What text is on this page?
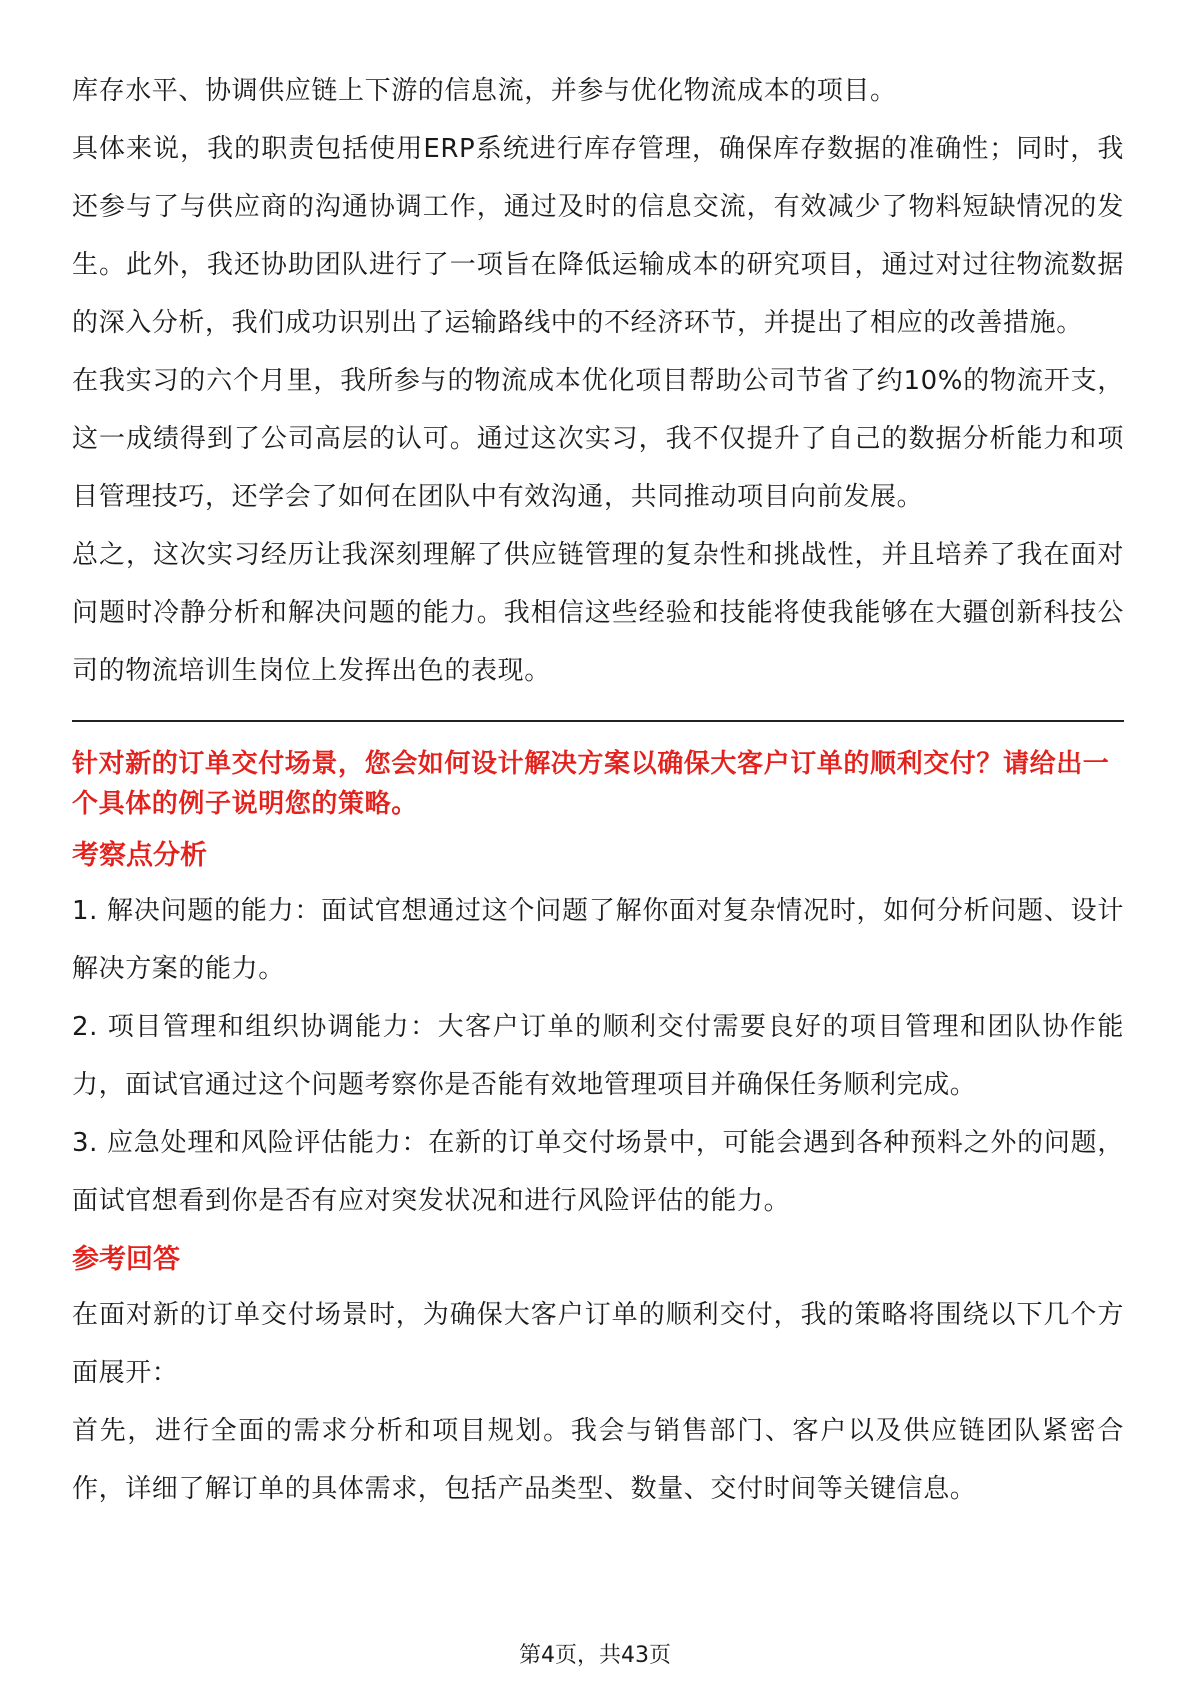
库存水平、协调供应链上下游的信息流，并参与优化物流成本的项目。

具体来说，我的职责包括使用ERP系统进行库存管理，确保库存数据的准确性；同时，我还参与了与供应商的沟通协调工作，通过及时的信息交流，有效减少了物料短缺情况的发生。此外，我还协助团队进行了一项旨在降低运输成本的研究项目，通过对过往物流数据的深入分析，我们成功识别出了运输路线中的不经济环节，并提出了相应的改善措施。

在我实习的六个月里，我所参与的物流成本优化项目帮助公司节省了约10%的物流开支，这一成绩得到了公司高层的认可。通过这次实习，我不仅提升了自己的数据分析能力和项目管理技巧，还学会了如何在团队中有效沟通，共同推动项目向前发展。

总之，这次实习经历让我深刻理解了供应链管理的复杂性和挑战性，并且培养了我在面对问题时冷静分析和解决问题的能力。我相信这些经验和技能将使我能够在大疆创新科技公司的物流培训生岗位上发挥出色的表现。

针对新的订单交付场景，您会如何设计解决方案以确保大客户订单的顺利交付？请给出一个具体的例子说明您的策略。

考察点分析

1. 解决问题的能力：面试官想通过这个问题了解你面对复杂情况时，如何分析问题、设计解决方案的能力。

2. 项目管理和组织协调能力：大客户订单的顺利交付需要良好的项目管理和团队协作能力，面试官通过这个问题考察你是否能有效地管理项目并确保任务顺利完成。

3. 应急处理和风险评估能力：在新的订单交付场景中，可能会遇到各种预料之外的问题，面试官想看到你是否有应对突发状况和进行风险评估的能力。

参考回答

在面对新的订单交付场景时，为确保大客户订单的顺利交付，我的策略将围绕以下几个方面展开：

首先，进行全面的需求分析和项目规划。我会与销售部门、客户以及供应链团队紧密合作，详细了解订单的具体需求，包括产品类型、数量、交付时间等关键信息。

第4页，共43页
